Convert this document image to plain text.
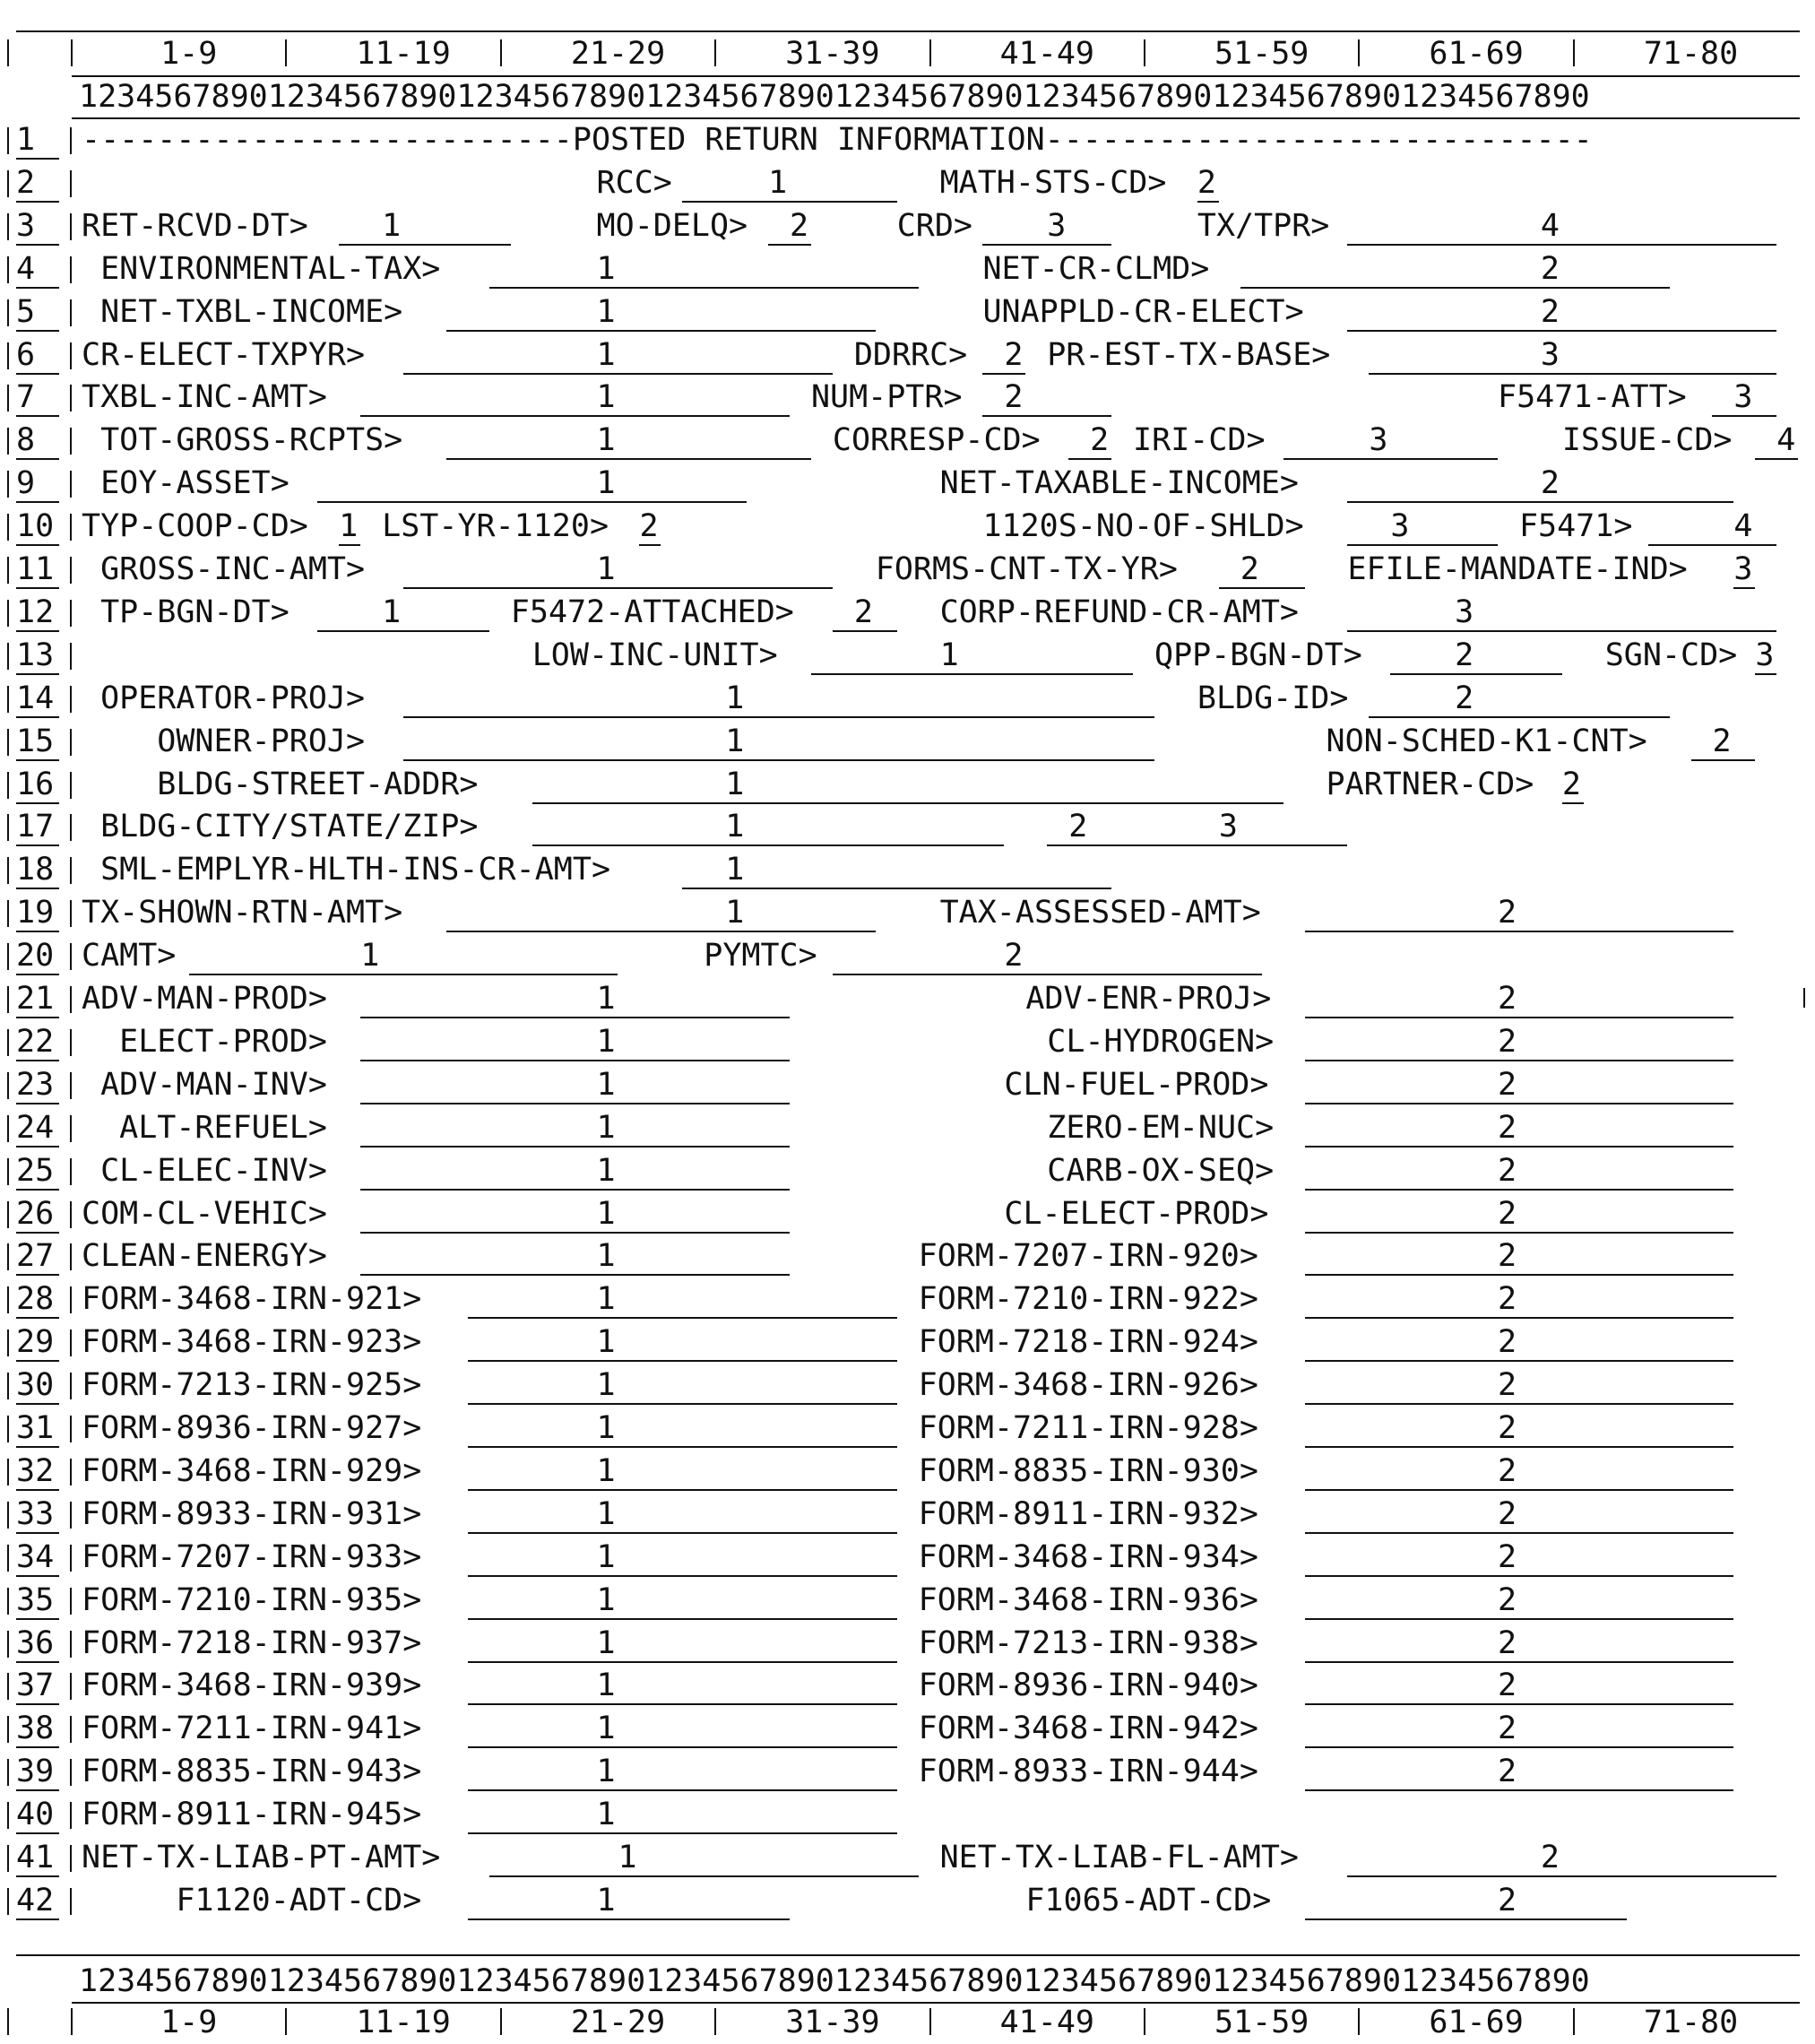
1-9	11-19	21-29	31-39	41-49	51-59	61-69	71-80
12345678901234567890123456789012345678901234567890123456789012345678901234567890
1 --------------------------POSTED RETURN INFORMATION-----------------------------
2	RCC>	1	MATH-STS-CD> 2
3 RET-RCVD-DT> 1	MO-DELQ> 2	CRD> 3	TX/TPR>	4
4 ENVIRONMENTAL-TAX>	1	NET-CR-CLMD>	2
5 NET-TXBL-INCOME>	1	UNAPPLD-CR-ELECT>	2
6 CR-ELECT-TXPYR>	1	DDRRC> 2 PR-EST-TX-BASE>	3
7 TXBL-INC-AMT>	1	NUM-PTR> 2	F5471-ATT> 3
8 TOT-GROSS-RCPTS>	1	CORRESP-CD> 2 IRI-CD>	3	ISSUE-CD> 4
9 EOY-ASSET>	1	NET-TAXABLE-INCOME>	2
10 TYP-COOP-CD> 1 LST-YR-1120> 2	1120S-NO-OF-SHLD>	3	F5471>	4
11 GROSS-INC-AMT>	1	FORMS-CNT-TX-YR> 2	EFILE-MANDATE-IND> 3
12 TP-BGN-DT>	1	F5472-ATTACHED> 2 CORP-REFUND-CR-AMT>	3
13	LOW-INC-UNIT>	1	QPP-BGN-DT>	2	SGN-CD> 3
14 OPERATOR-PROJ>	1	BLDG-ID>	2
15 OWNER-PROJ>	1	NON-SCHED-K1-CNT> 2
16 BLDG-STREET-ADDR>	1	PARTNER-CD> 2
17 BLDG-CITY/STATE/ZIP>	1	2	3
18 SML-EMPLYR-HLTH-INS-CR-AMT>	1
19 TX-SHOWN-RTN-AMT>	1	TAX-ASSESSED-AMT>	2
20 CAMT>	1	PYMTC>	2
21 ADV-MAN-PROD>	1	ADV-ENR-PROJ>	2
22 ELECT-PROD>	1	CL-HYDROGEN>	2
23 ADV-MAN-INV>	1	CLN-FUEL-PROD>	2
24 ALT-REFUEL>	1	ZERO-EM-NUC>	2
25 CL-ELEC-INV>	1	CARB-OX-SEQ>	2
26 COM-CL-VEHIC>	1	CL-ELECT-PROD>	2
27 CLEAN-ENERGY>	1	FORM-7207-IRN-920>	2
28 FORM-3468-IRN-921>	1	FORM-7210-IRN-922>	2
29 FORM-3468-IRN-923>	1	FORM-7218-IRN-924>	2
30 FORM-7213-IRN-925>	1	FORM-3468-IRN-926>	2
31 FORM-8936-IRN-927>	1	FORM-7211-IRN-928>	2
32 FORM-3468-IRN-929>	1	FORM-8835-IRN-930>	2
33 FORM-8933-IRN-931>	1	FORM-8911-IRN-932>	2
34 FORM-7207-IRN-933>	1	FORM-3468-IRN-934>	2
35 FORM-7210-IRN-935>	1	FORM-3468-IRN-936>	2
36 FORM-7218-IRN-937>	1	FORM-7213-IRN-938>	2
37 FORM-3468-IRN-939>	1	FORM-8936-IRN-940>	2
38 FORM-7211-IRN-941>	1	FORM-3468-IRN-942>	2
39 FORM-8835-IRN-943>	1	FORM-8933-IRN-944>	2
40 FORM-8911-IRN-945>	1
41 NET-TX-LIAB-PT-AMT>	1	NET-TX-LIAB-FL-AMT>	2
42 F1120-ADT-CD>	1	F1065-ADT-CD>	2
12345678901234567890123456789012345678901234567890123456789012345678901234567890
1-9	11-19	21-29	31-39	41-49	51-59	61-69	71-80
